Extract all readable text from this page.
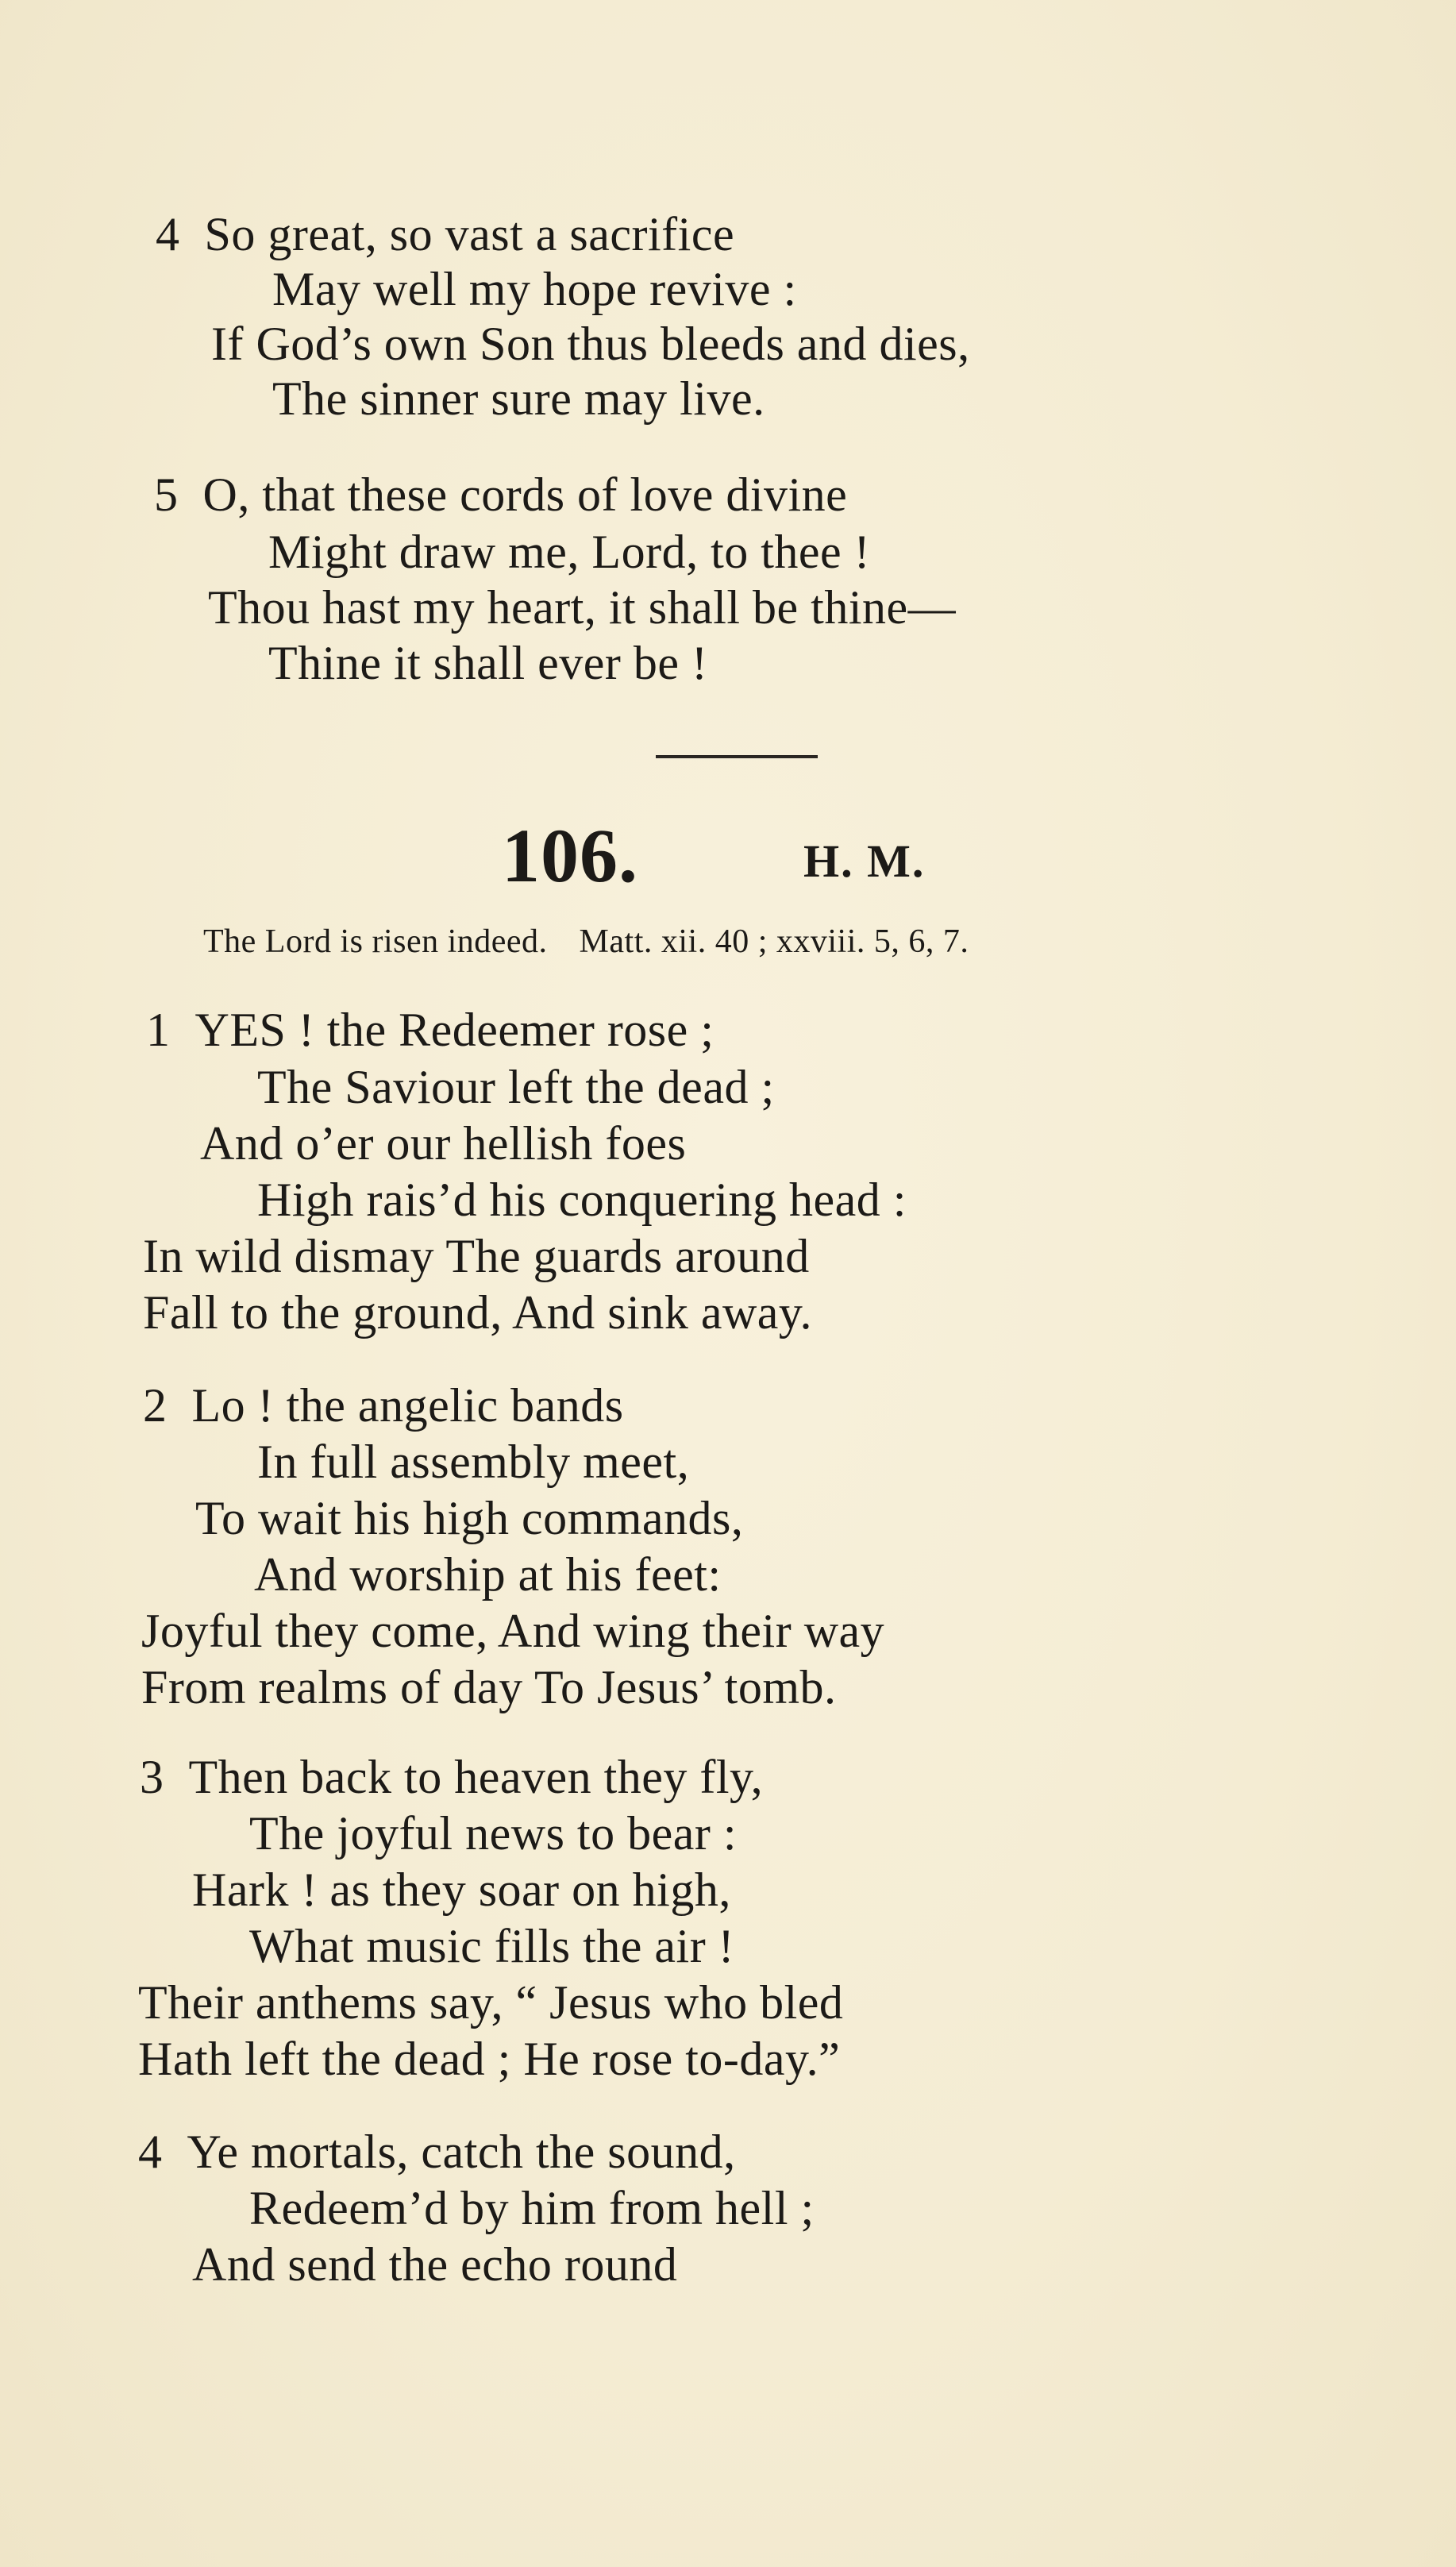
4 So great, so vast a sacrifice
May well my hope revive :
If God’s own Son thus bleeds and dies,
The sinner sure may live.
5 O, that these cords of love divine
Might draw me, Lord, to thee !
Thou hast my heart, it shall be thine—
Thine it shall ever be !
106.	H. M.
The Lord is risen indeed. Matt. xii. 40 ; xxviii. 5, 6, 7.
1 YES ! the Redeemer rose ;
The Saviour left the dead ;
And o’er our hellish foes
High rais’d his conquering head :
In wild dismay The guards around
Fall to the ground, And sink away.
2 Lo ! the angelic bands
In full assembly meet,
To wait his high commands,
And worship at his feet:
Joyful they come, And wing their way
From realms of day To Jesus’ tomb.
3 Then back to heaven they fly,
The joyful news to bear :
Hark ! as they soar on high,
What music fills the air !
Their anthems say, “ Jesus who bled
Hath left the dead ; He rose to-day.”
4 Ye mortals, catch the sound,
Redeem’d by him from hell ;
And send the echo round
